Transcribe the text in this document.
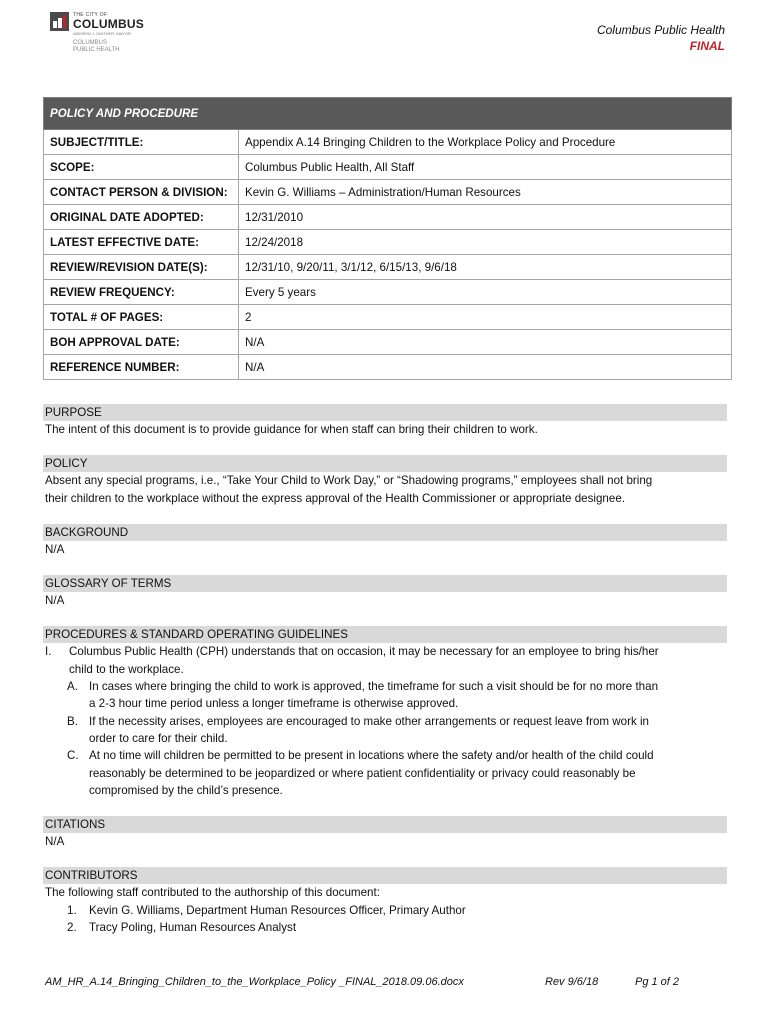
THE CITY OF
COLUMBUS
ANDREW J. GINTHER, MAYOR
COLUMBUS
PUBLIC HEALTH
Columbus Public Health
FINAL
POLICY AND PROCEDURE	
SUBJECT/TITLE:	Appendix A.14 Bringing Children to the Workplace Policy and Procedure
SCOPE:	Columbus Public Health, All Staff
CONTACT PERSON & DIVISION:	Kevin G. Williams – Administration/Human Resources
ORIGINAL DATE ADOPTED:	12/31/2010
LATEST EFFECTIVE DATE:	12/24/2018
REVIEW/REVISION DATE(S):	12/31/10, 9/20/11, 3/1/12, 6/15/13, 9/6/18
REVIEW FREQUENCY:	Every 5 years
TOTAL # OF PAGES:	2
BOH APPROVAL DATE:	N/A
REFERENCE NUMBER:	N/A
PURPOSE
The intent of this document is to provide guidance for when staff can bring their children to work.
POLICY
Absent any special programs, i.e., “Take Your Child to Work Day,” or “Shadowing programs,” employees shall not bring
their children to the workplace without the express approval of the Health Commissioner or appropriate designee.
BACKGROUND
N/A
GLOSSARY OF TERMS
N/A
PROCEDURES & STANDARD OPERATING GUIDELINES
I.	Columbus Public Health (CPH) understands that on occasion, it may be necessary for an employee to bring his/her
child to the workplace.
A. In cases where bringing the child to work is approved, the timeframe for such a visit should be for no more than
a 2-3 hour time period unless a longer timeframe is otherwise approved.
B. If the necessity arises, employees are encouraged to make other arrangements or request leave from work in
order to care for their child.
C. At no time will children be permitted to be present in locations where the safety and/or health of the child could
reasonably be determined to be jeopardized or where patient confidentiality or privacy could reasonably be
compromised by the child’s presence.
CITATIONS
N/A
CONTRIBUTORS
The following staff contributed to the authorship of this document:
1.	Kevin G. Williams, Department Human Resources Officer, Primary Author
2.	Tracy Poling, Human Resources Analyst
AM_HR_A.14_Bringing_Children_to_the_Workplace_Policy _FINAL_2018.09.06.docx	Rev 9/6/18	Pg 1 of 2
